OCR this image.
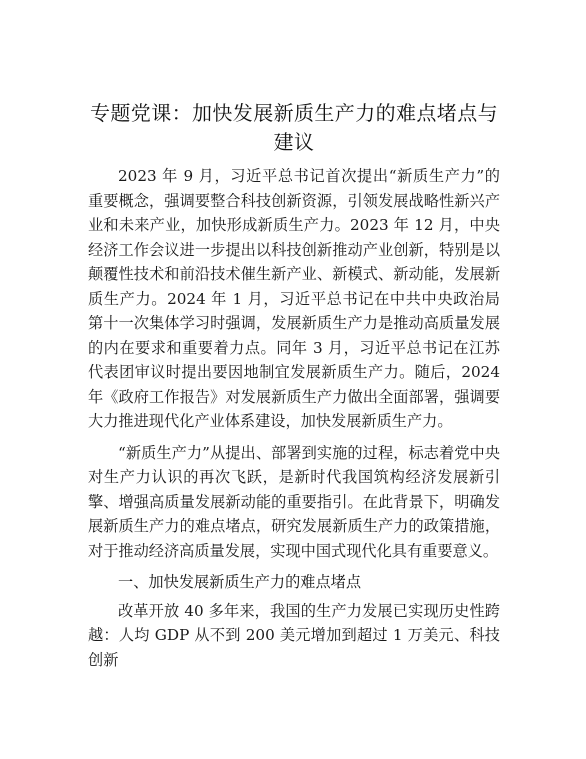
专题党课：加快发展新质生产力的难点堵点与建议

2023 年 9 月，习近平总书记首次提出“新质生产力”的重要概念，强调要整合科技创新资源，引领发展战略性新兴产业和未来产业，加快形成新质生产力。2023 年 12 月，中央经济工作会议进一步提出以科技创新推动产业创新，特别是以颠覆性技术和前沿技术催生新产业、新模式、新动能，发展新质生产力。2024 年 1 月，习近平总书记在中共中央政治局第十一次集体学习时强调，发展新质生产力是推动高质量发展的内在要求和重要着力点。同年 3 月，习近平总书记在江苏代表团审议时提出要因地制宜发展新质生产力。随后，2024 年《政府工作报告》对发展新质生产力做出全面部署，强调要大力推进现代化产业体系建设，加快发展新质生产力。

“新质生产力”从提出、部署到实施的过程，标志着党中央对生产力认识的再次飞跃，是新时代我国筑构经济发展新引擎、增强高质量发展新动能的重要指引。在此背景下，明确发展新质生产力的难点堵点，研究发展新质生产力的政策措施，对于推动经济高质量发展，实现中国式现代化具有重要意义。

一、加快发展新质生产力的难点堵点

改革开放 40 多年来，我国的生产力发展已实现历史性跨越：人均 GDP 从不到 200 美元增加到超过 1 万美元、科技创新
